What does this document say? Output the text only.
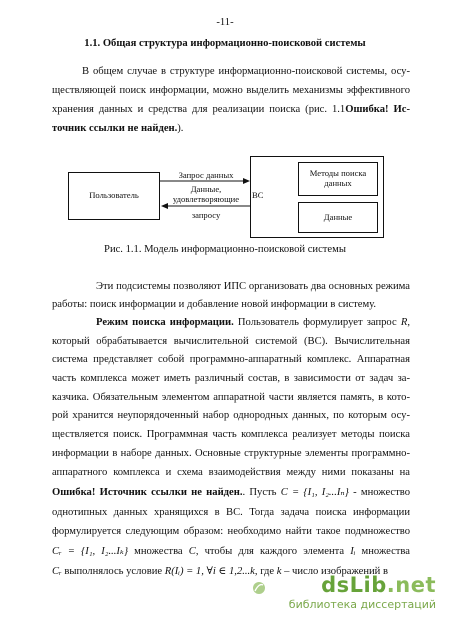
-11-
1.1. Общая структура информационно-поисковой системы
В общем случае в структуре информационно-поисковой системы, осу-
ществляющей поиск информации, можно выделить механизмы эффективного
хранения данных и средства для реализации поиска (рис. 1.1Ошибка! Ис-
точник ссылки не найден.).
Пользователь	ВС
Методы поиска
данных
Данные
Запрос данных
Данные,
удовлетворяющие
запросу
Рис. 1.1. Модель информационно-поисковой системы
Эти подсистемы позволяют ИПС организовать два основных режима
работы: поиск информации и добавление новой информации в систему.
Режим поиска информации. Пользователь формулирует запрос R,
который обрабатывается вычислительной системой (ВС). Вычислительная
система представляет собой программно-аппаратный комплекс. Аппаратная
часть комплекса может иметь различный состав, в зависимости от задач за-
казчика. Обязательным элементом аппаратной части является память, в кото-
рой хранится неупорядоченный набор однородных данных, по которым осу-
ществляется поиск. Программная часть комплекса реализует методы поиска
информации в наборе данных. Основные структурные элементы программно-
аппаратного комплекса и схема взаимодействия между ними показаны на
Ошибка! Источник ссылки не найден.. Пусть C = {I₁, I₂...Iₙ} - множество
однотипных данных хранящихся в ВС. Тогда задача поиска информации
формулируется следующим образом: необходимо найти такое подмножество
Cᵣ = {I₁, I₂...Iₖ} множества C, чтобы для каждого элемента Iᵢ множества
Cᵣ выполнялось условие R(Iᵢ) = 1, ∀i ∈ 1,2...k, где k – число изображений в
dsLib.net
библиотека диссертаций
